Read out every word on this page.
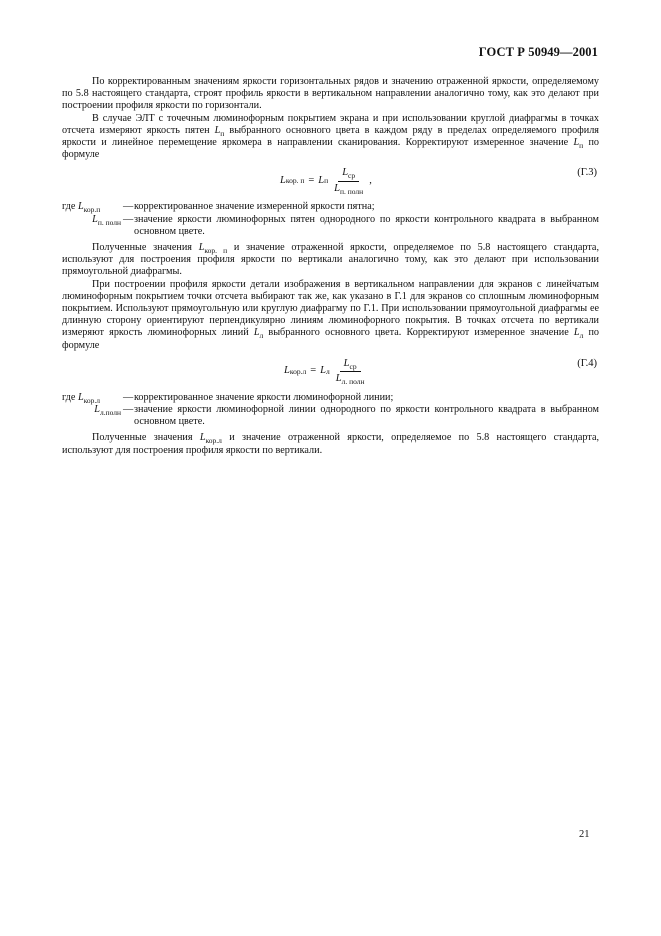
ГОСТ Р 50949—2001

По корректированным значениям яркости горизонтальных рядов и значению отраженной яркости, определяемому по 5.8 настоящего стандарта, строят профиль яркости в вертикальном направлении аналогично тому, как это делают при построении профиля яркости по горизонтали.

В случае ЭЛТ с точечным люминофорным покрытием экрана и при использовании круглой диафрагмы в точках отсчета измеряют яркость пятен $L_п$ выбранного основного цвета в каждом ряду в пределах определяемого профиля яркости и линейное перемещение яркомера в направлении сканирования. Корректируют измеренное значение $L_п$ по формуле

L кор. п = L п $\frac{L_{ср}}{L_{п. полн}}$ ,
(Г.3)
где $L_{кор.п}$	— корректированное значение измеренной яркости пятна;
$L_{п. полн}$ — значение яркости люминофорных пятен однородного по яркости контрольного квадрата в выбранном основном цвете.

Полученные значения $L_{кор. п}$ и значение отраженной яркости, определяемое по 5.8 настоящего стандарта, используют для построения профиля яркости по вертикали аналогично тому, как это делают при использовании прямоугольной диафрагмы.

При построении профиля яркости детали изображения в вертикальном направлении для экранов с линейчатым люминофорным покрытием точки отсчета выбирают так же, как указано в Г.1 для экранов со сплошным люминофорным покрытием. Используют прямоугольную или круглую диафрагму по Г.1. При использовании прямоугольной диафрагмы ее длинную сторону ориентируют перпендикулярно линиям люминофорного покрытия. В точках отсчета по вертикали измеряют яркость люминофорных линий $L_л$ выбранного основного цвета. Корректируют измеренное значение $L_л$ по формуле

L кор.л = L л $\frac{L_{ср}}{L_{л. полн}}$	(Г.4)
где $L_{кор.л}$	— корректированное значение яркости люминофорной линии;
$L_{л.полн}$ — значение яркости люминофорной линии однородного по яркости контрольного квадрата в выбранном основном цвете.

Полученные значения $L_{кор.л}$ и значение отраженной яркости, определяемое по 5.8 настоящего стандарта, используют для построения профиля яркости по вертикали.

21
